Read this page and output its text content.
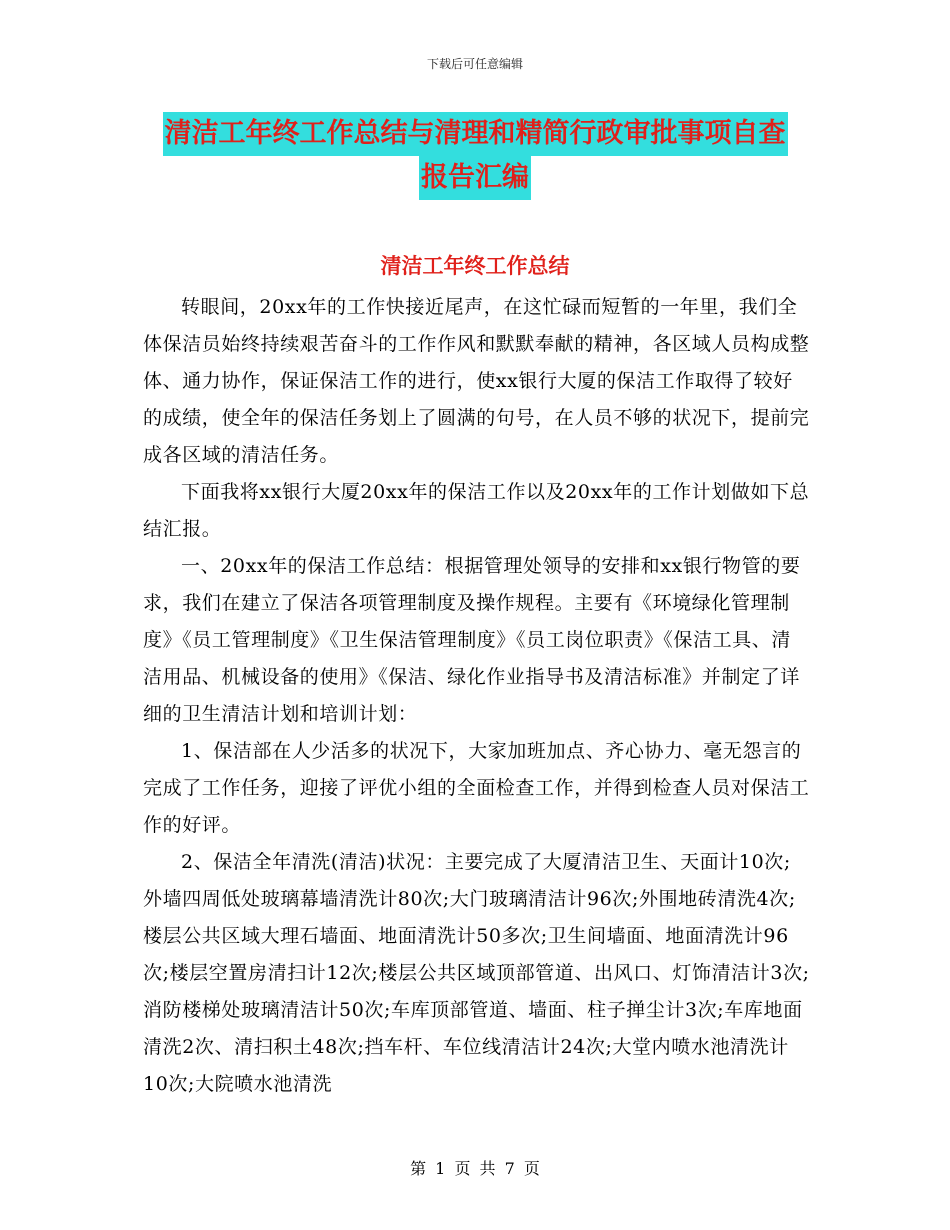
下载后可任意编辑
清洁工年终工作总结与清理和精简行政审批事项自查
报告汇编
清洁工年终工作总结

转眼间，20xx年的工作快接近尾声，在这忙碌而短暂的一年里，我们全体保洁员始终持续艰苦奋斗的工作作风和默默奉献的精神，各区域人员构成整体、通力协作，保证保洁工作的进行，使xx银行大厦的保洁工作取得了较好的成绩，使全年的保洁任务划上了圆满的句号，在人员不够的状况下，提前完成各区域的清洁任务。

下面我将xx银行大厦20xx年的保洁工作以及20xx年的工作计划做如下总结汇报。

一、20xx年的保洁工作总结：根据管理处领导的安排和xx银行物管的要求，我们在建立了保洁各项管理制度及操作规程。主要有《环境绿化管理制度》《员工管理制度》《卫生保洁管理制度》《员工岗位职责》《保洁工具、清洁用品、机械设备的使用》《保洁、绿化作业指导书及清洁标准》并制定了详细的卫生清洁计划和培训计划：

1、保洁部在人少活多的状况下，大家加班加点、齐心协力、毫无怨言的完成了工作任务，迎接了评优小组的全面检查工作，并得到检查人员对保洁工作的好评。

2、保洁全年清洗(清洁)状况：主要完成了大厦清洁卫生、天面计10次;外墙四周低处玻璃幕墙清洗计80次;大门玻璃清洁计96次;外围地砖清洗4次;楼层公共区域大理石墙面、地面清洗计50多次;卫生间墙面、地面清洗计96次;楼层空置房清扫计12次;楼层公共区域顶部管道、出风口、灯饰清洁计3次;消防楼梯处玻璃清洁计50次;车库顶部管道、墙面、柱子掸尘计3次;车库地面清洗2次、清扫积土48次;挡车杆、车位线清洁计24次;大堂内喷水池清洗计10次;大院喷水池清洗

第 1 页 共 7 页
